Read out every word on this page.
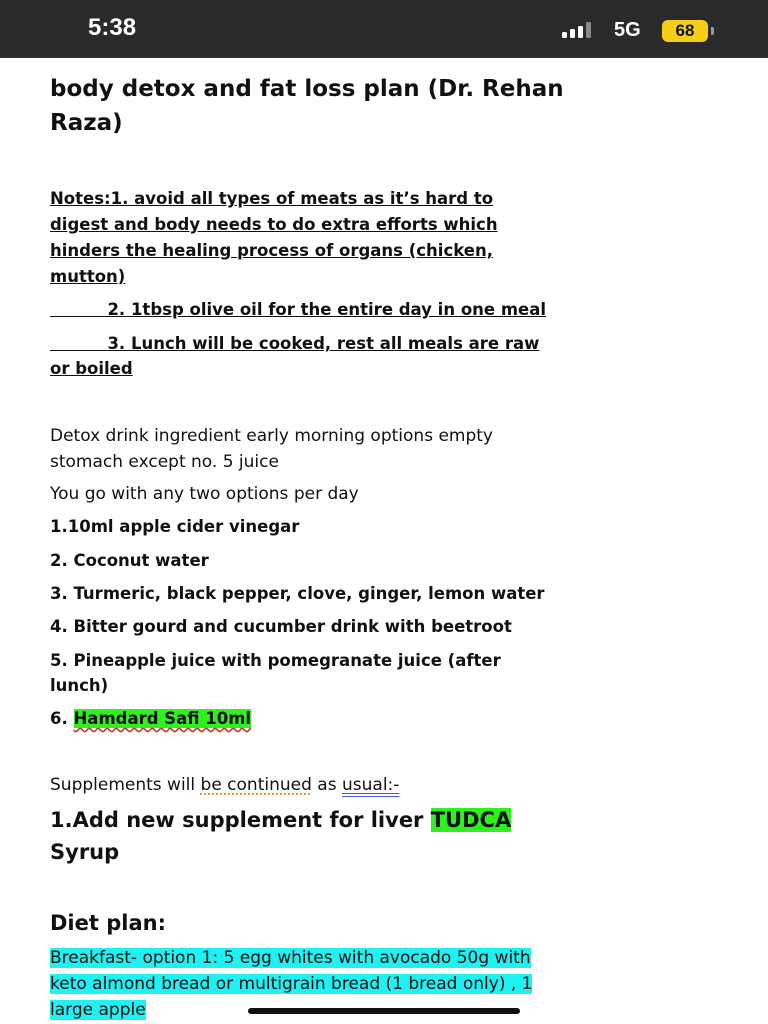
5:38	5G	68
body detox and fat loss plan (Dr. Rehan
Raza)
Notes:1. avoid all types of meats as it’s hard to
digest and body needs to do extra efforts which
hinders the healing process of organs (chicken,
mutton)
2. 1tbsp olive oil for the entire day in one meal
3. Lunch will be cooked, rest all meals are raw
or boiled
Detox drink ingredient early morning options empty
stomach except no. 5 juice
You go with any two options per day
1.10ml apple cider vinegar
2. Coconut water
3. Turmeric, black pepper, clove, ginger, lemon water
4. Bitter gourd and cucumber drink with beetroot
5. Pineapple juice with pomegranate juice (after
lunch)
6. Hamdard Safi 10ml
Supplements will be continued as usual:-
1.Add new supplement for liver TUDCA
Syrup
Diet plan:
Breakfast- option 1: 5 egg whites with avocado 50g with
keto almond bread or multigrain bread (1 bread only) , 1
large apple
